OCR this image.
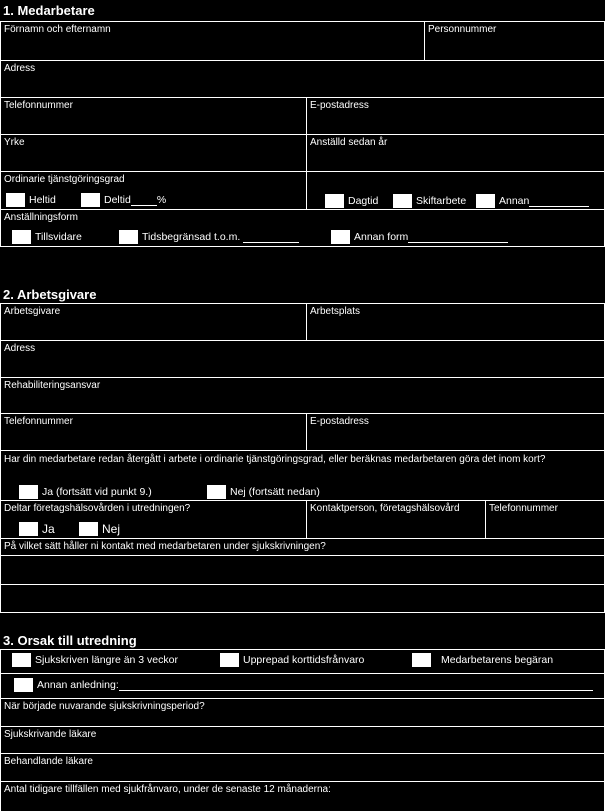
1. Medarbetare
Förnamn och efternamn	Personnummer
Adress
Telefonnummer	E-postadress
Yrke	Anställd sedan år
Ordinarie tjänstgöringsgrad
Heltid	Deltid %	Dagtid	Skiftarbete	Annan
Anställningsform
Tillsvidare	Tidsbegränsad t.o.m.	Annan form
2. Arbetsgivare
Arbetsgivare	Arbetsplats
Adress
Rehabiliteringsansvar
Telefonnummer	E-postadress
Har din medarbetare redan återgått i arbete i ordinarie tjänstgöringsgrad, eller beräknas medarbetaren göra det inom kort?
Ja (fortsätt vid punkt 9.)	Nej (fortsätt nedan)
Deltar företagshälsovården i utredningen?
Ja	Nej
Kontaktperson, företagshälsovård	Telefonnummer
På vilket sätt håller ni kontakt med medarbetaren under sjukskrivningen?
3. Orsak till utredning
Sjukskriven längre än 3 veckor	Upprepad korttidsfrånvaro	Medarbetarens begäran
Annan anledning:
När började nuvarande sjukskrivningsperiod?
Sjukskrivande läkare
Behandlande läkare
Antal tidigare tillfällen med sjukfrånvaro, under de senaste 12 månaderna:
